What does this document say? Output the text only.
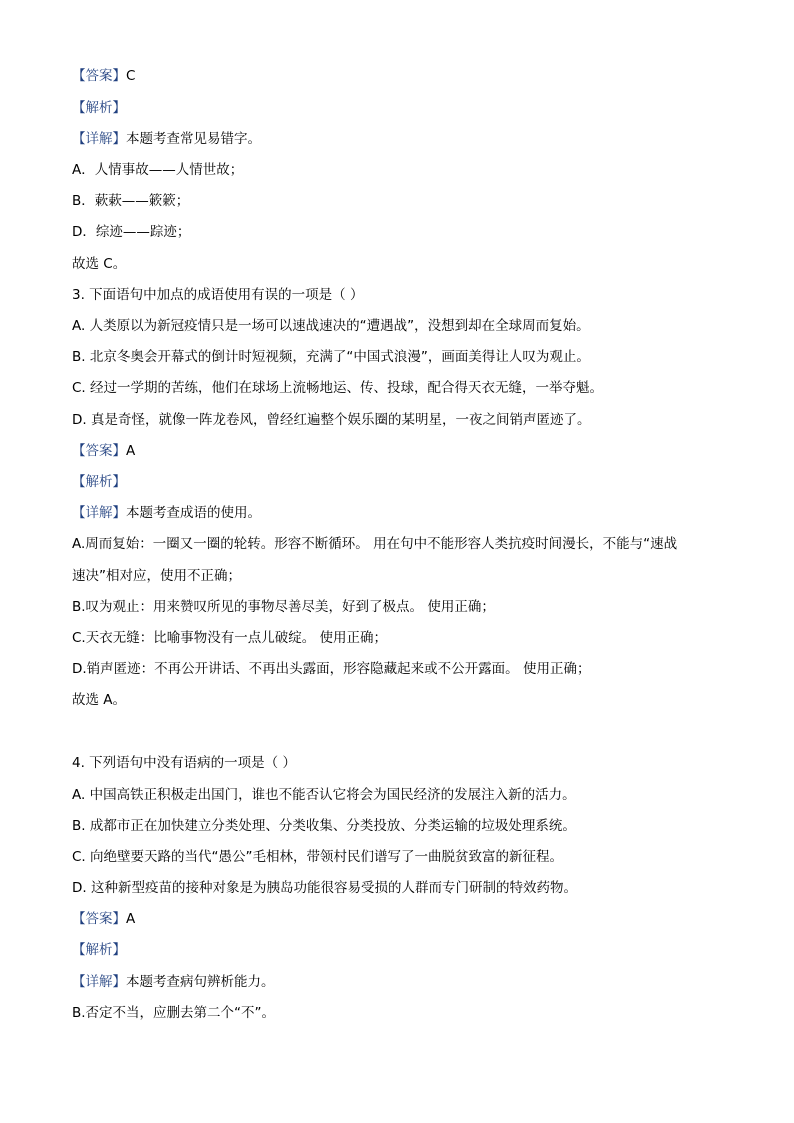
【答案】C
【解析】
【详解】本题考查常见易错字。
A．人情事故——人情世故；
B．蔌蔌——簌簌；
D．综迹——踪迹；
故选 C。
3. 下面语句中加点的成语使用有误的一项是（ ）
A. 人类原以为新冠疫情只是一场可以速战速决的“遭遇战”，没想到却在全球周而复始。
B. 北京冬奥会开幕式的倒计时短视频，充满了“中国式浪漫”，画面美得让人叹为观止。
C. 经过一学期的苦练，他们在球场上流畅地运、传、投球，配合得天衣无缝，一举夺魁。
D. 真是奇怪，就像一阵龙卷风，曾经红遍整个娱乐圈的某明星，一夜之间销声匿迹了。
【答案】A
【解析】
【详解】本题考查成语的使用。
A.周而复始：一圈又一圈的轮转。形容不断循环。 用在句中不能形容人类抗疫时间漫长，不能与“速战
速决”相对应，使用不正确；
B.叹为观止：用来赞叹所见的事物尽善尽美，好到了极点。 使用正确；
C.天衣无缝：比喻事物没有一点儿破绽。 使用正确；
D.销声匿迹：不再公开讲话、不再出头露面，形容隐藏起来或不公开露面。 使用正确；
故选 A。
4. 下列语句中没有语病的一项是（ ）
A. 中国高铁正积极走出国门，谁也不能否认它将会为国民经济的发展注入新的活力。
B. 成都市正在加快建立分类处理、分类收集、分类投放、分类运输的垃圾处理系统。
C. 向绝壁要天路的当代“愚公”毛相林，带领村民们谱写了一曲脱贫致富的新征程。
D. 这种新型疫苗的接种对象是为胰岛功能很容易受损的人群而专门研制的特效药物。
【答案】A
【解析】
【详解】本题考查病句辨析能力。
B.否定不当，应删去第二个“不”。
